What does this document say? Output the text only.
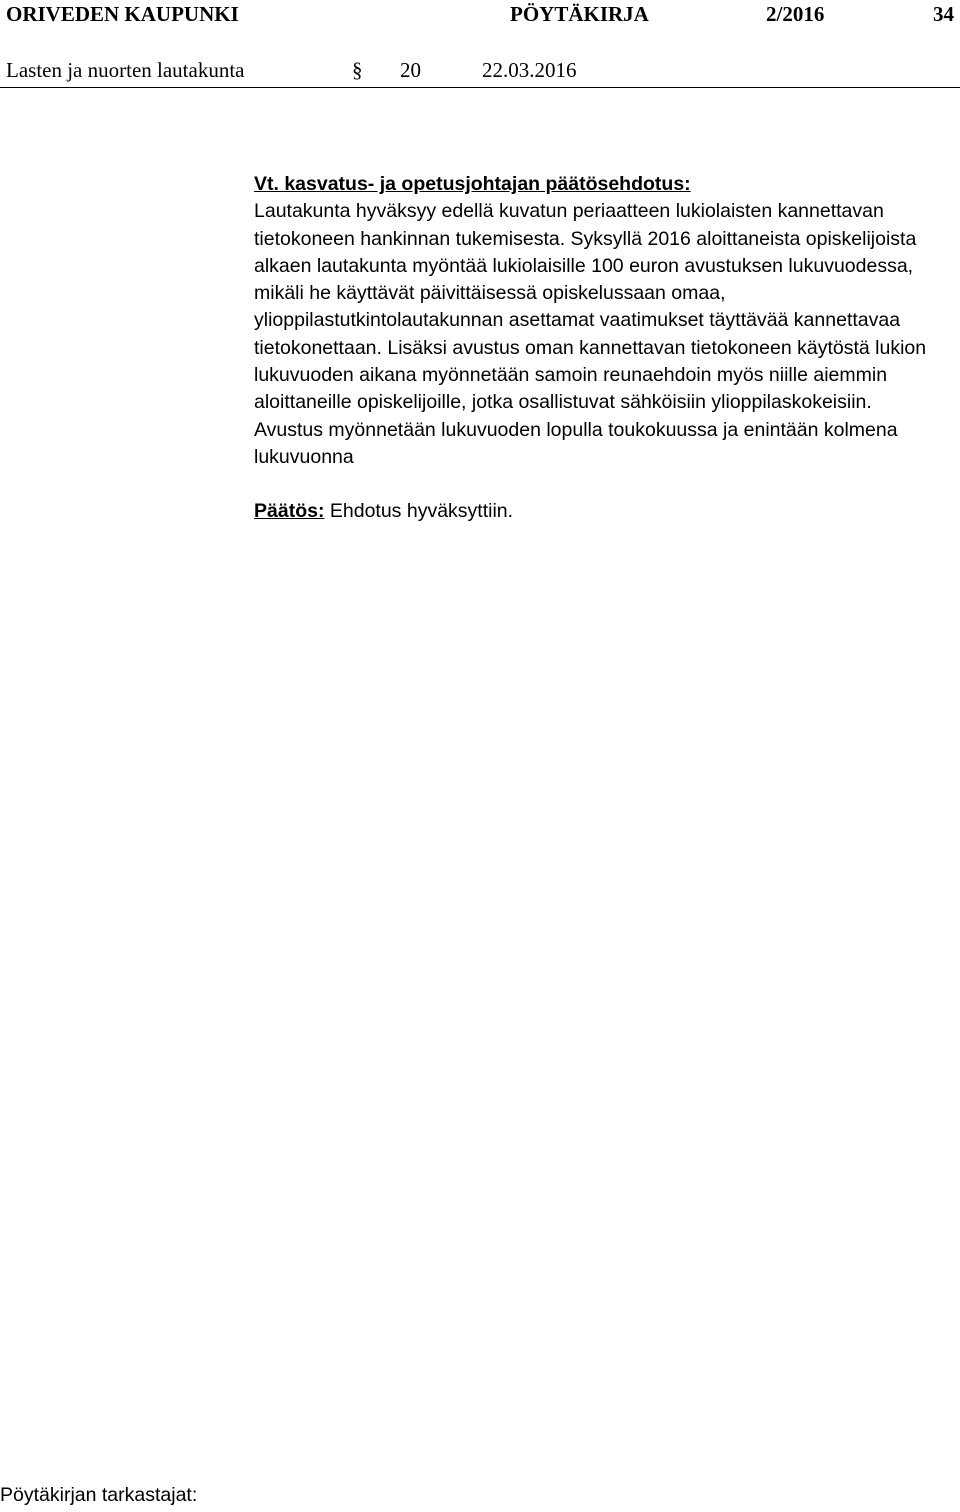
ORIVEDEN KAUPUNKI	PÖYTÄKIRJA	2/2016	34
Lasten ja nuorten lautakunta	§ 20	22.03.2016
Vt. kasvatus- ja opetusjohtajan päätösehdotus:
Lautakunta hyväksyy edellä kuvatun periaatteen lukiolaisten kannettavan tietokoneen hankinnan tukemisesta. Syksyllä 2016 aloittaneista opiskelijoista alkaen lautakunta myöntää lukiolaisille 100 euron avustuksen lukuvuodessa, mikäli he käyttävät päivittäisessä opiskelussaan omaa, ylioppilastutkintolautakunnan asettamat vaatimukset täyttävää kannettavaa tietokonettaan. Lisäksi avustus oman kannettavan tietokoneen käytöstä lukion lukuvuoden aikana myönnetään samoin reunaehdoin myös niille aiemmin aloittaneille opiskelijoille, jotka osallistuvat sähköisiin ylioppilaskokeisiin.
Avustus myönnetään lukuvuoden lopulla toukokuussa ja enintään kolmena lukuvuonna
Päätös: Ehdotus hyväksyttiin.
Pöytäkirjan tarkastajat:
